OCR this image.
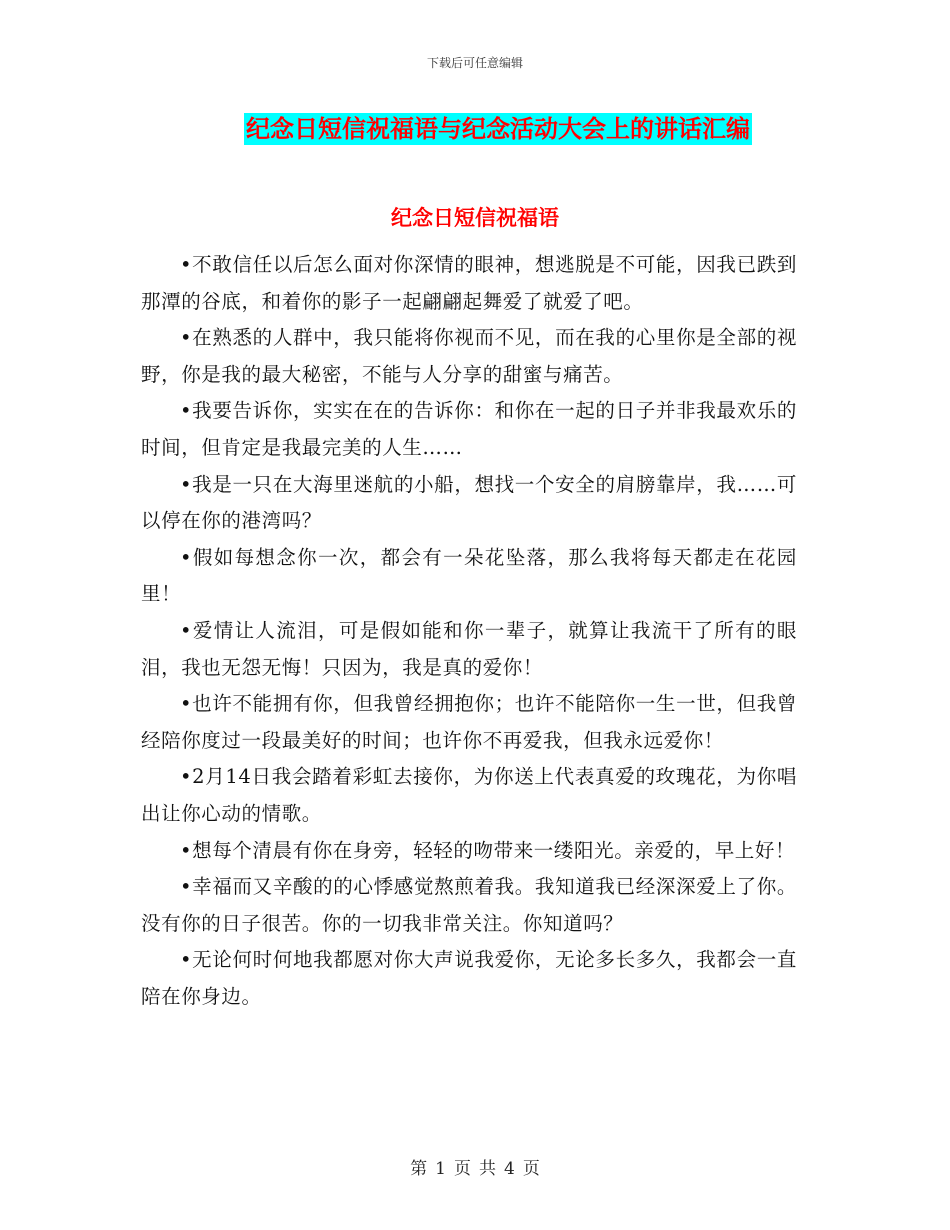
下载后可任意编辑
纪念日短信祝福语与纪念活动大会上的讲话汇编
纪念日短信祝福语

•不敢信任以后怎么面对你深情的眼神，想逃脱是不可能，因我已跌到那潭的谷底，和着你的影子一起翩翩起舞爱了就爱了吧。

•在熟悉的人群中，我只能将你视而不见，而在我的心里你是全部的视野，你是我的最大秘密，不能与人分享的甜蜜与痛苦。

•我要告诉你，实实在在的告诉你：和你在一起的日子并非我最欢乐的时间，但肯定是我最完美的人生……

•我是一只在大海里迷航的小船，想找一个安全的肩膀靠岸，我……可以停在你的港湾吗？

•假如每想念你一次，都会有一朵花坠落，那么我将每天都走在花园里！

•爱情让人流泪，可是假如能和你一辈子，就算让我流干了所有的眼泪，我也无怨无悔！只因为，我是真的爱你！

•也许不能拥有你，但我曾经拥抱你；也许不能陪你一生一世，但我曾经陪你度过一段最美好的时间；也许你不再爱我，但我永远爱你！

•2月14日我会踏着彩虹去接你，为你送上代表真爱的玫瑰花，为你唱出让你心动的情歌。

•想每个清晨有你在身旁，轻轻的吻带来一缕阳光。亲爱的，早上好！

•幸福而又辛酸的的心悸感觉熬煎着我。我知道我已经深深爱上了你。没有你的日子很苦。你的一切我非常关注。你知道吗？

•无论何时何地我都愿对你大声说我爱你，无论多长多久，我都会一直陪在你身边。

第 1 页 共 4 页
